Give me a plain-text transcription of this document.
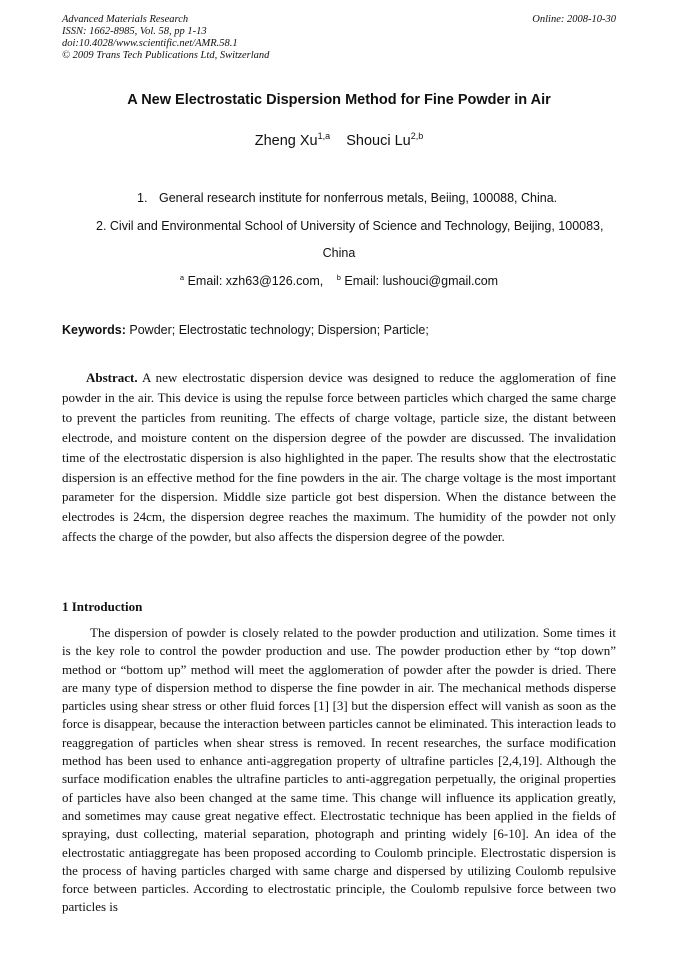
Advanced Materials Research
ISSN: 1662-8985, Vol. 58, pp 1-13
doi:10.4028/www.scientific.net/AMR.58.1
© 2009 Trans Tech Publications Ltd, Switzerland
Online: 2008-10-30
A New Electrostatic Dispersion Method for Fine Powder in Air
Zheng Xu$^{1,a}$ Shouci Lu$^{2,b}$
1. General research institute for nonferrous metals, Beiing, 100088, China.
2. Civil and Environmental School of University of Science and Technology, Beijing, 100083,
China
$^a$ Email: xzh63@126.com, $^b$ Email: lushouci@gmail.com
Keywords: Powder; Electrostatic technology; Dispersion; Particle;
Abstract. A new electrostatic dispersion device was designed to reduce the agglomeration of fine powder in the air. This device is using the repulse force between particles which charged the same charge to prevent the particles from reuniting. The effects of charge voltage, particle size, the distant between electrode, and moisture content on the dispersion degree of the powder are discussed. The invalidation time of the electrostatic dispersion is also highlighted in the paper. The results show that the electrostatic dispersion is an effective method for the fine powders in the air. The charge voltage is the most important parameter for the dispersion. Middle size particle got best dispersion. When the distance between the electrodes is 24cm, the dispersion degree reaches the maximum. The humidity of the powder not only affects the charge of the powder, but also affects the dispersion degree of the powder.
1 Introduction

The dispersion of powder is closely related to the powder production and utilization. Some times it is the key role to control the powder production and use. The powder production ether by “top down” method or “bottom up” method will meet the agglomeration of powder after the powder is dried. There are many type of dispersion method to disperse the fine powder in air. The mechanical methods disperse particles using shear stress or other fluid forces [1] [3] but the dispersion effect will vanish as soon as the force is disappear, because the interaction between particles cannot be eliminated. This interaction leads to reaggregation of particles when shear stress is removed. In recent researches, the surface modification method has been used to enhance anti-aggregation property of ultrafine particles [2,4,19]. Although the surface modification enables the ultrafine particles to anti-aggregation perpetually, the original properties of particles have also been changed at the same time. This change will influence its application greatly, and sometimes may cause great negative effect. Electrostatic technique has been applied in the fields of spraying, dust collecting, material separation, photograph and printing widely [6-10]. An idea of the electrostatic antiaggregate has been proposed according to Coulomb principle. Electrostatic dispersion is the process of having particles charged with same charge and dispersed by utilizing Coulomb repulsive force between particles. According to electrostatic principle, the Coulomb repulsive force between two particles is
